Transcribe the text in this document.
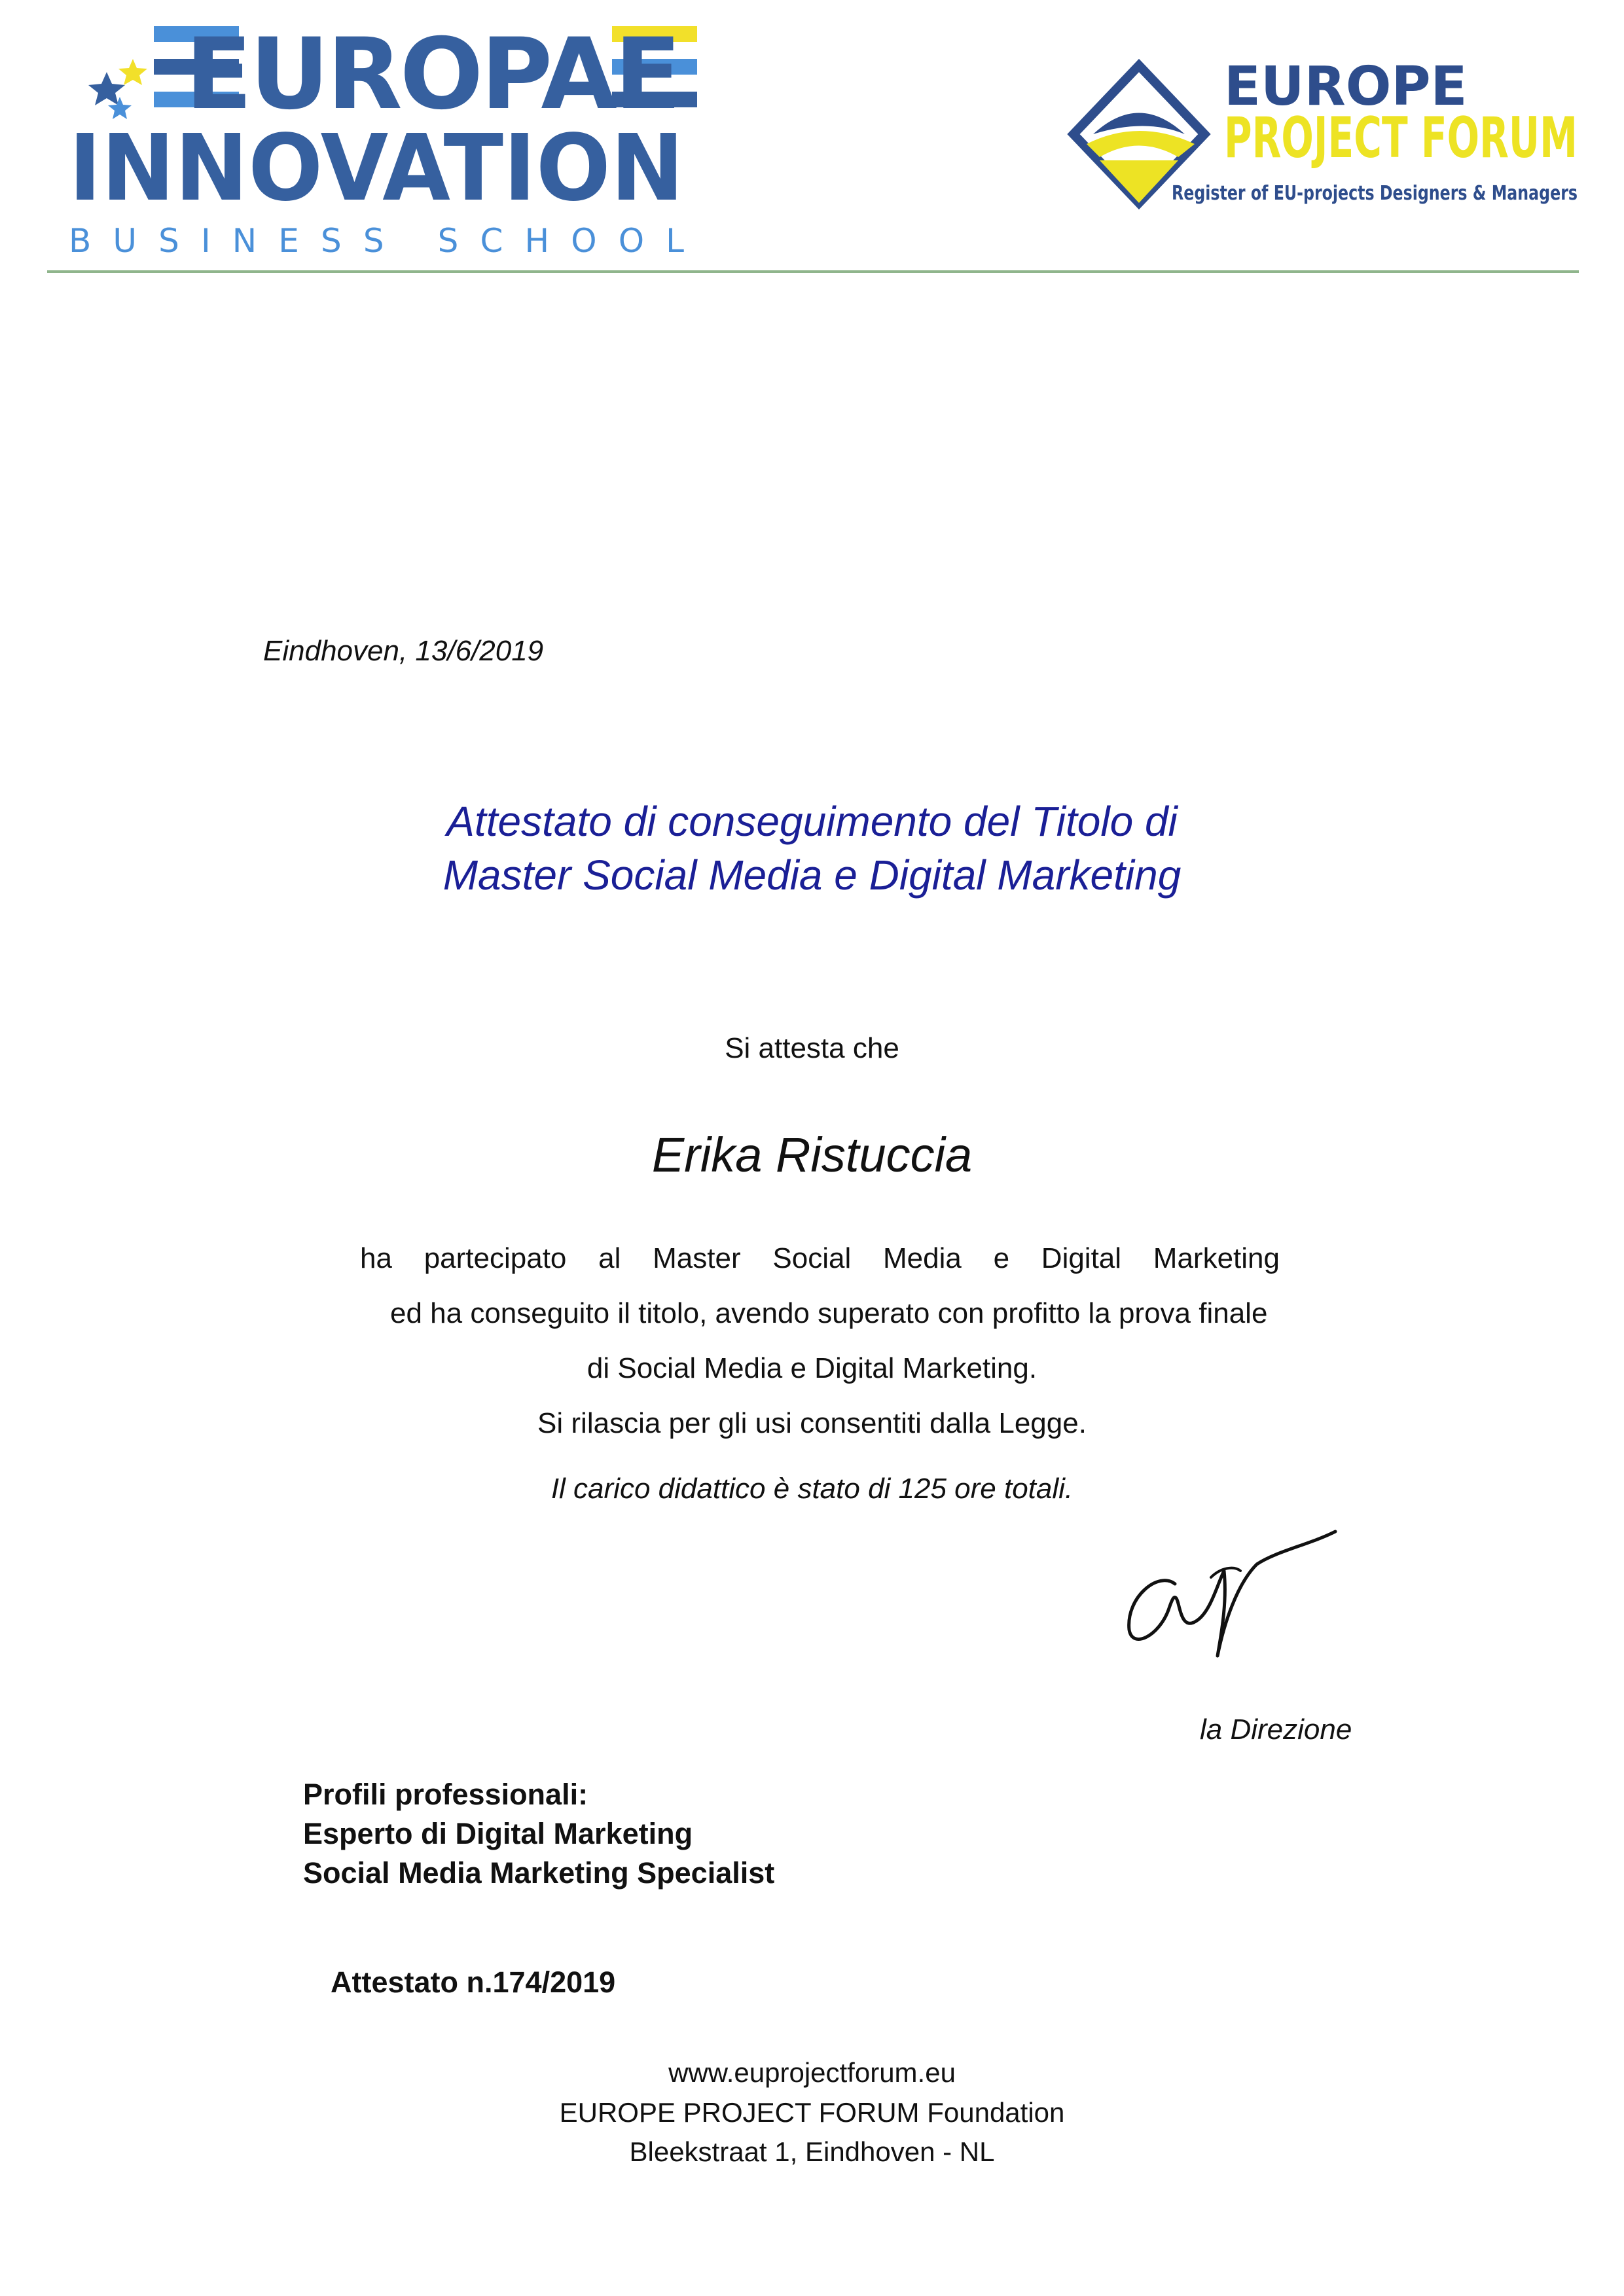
EUROPAE
INNOVATION
BUSINESS SCHOOL
EUROPE
PROJECT FORUM
Register of EU-projects Designers & Managers
Eindhoven, 13/6/2019
Attestato di conseguimento del Titolo di
Master Social Media e Digital Marketing
Si attesta che
Erika Ristuccia
ha partecipato al Master Social Media e Digital Marketing
ed ha conseguito il titolo, avendo superato con profitto la prova finale
di Social Media e Digital Marketing.
Si rilascia per gli usi consentiti dalla Legge.
Il carico didattico è stato di 125 ore totali.
la Direzione
Profili professionali:
Esperto di Digital Marketing
Social Media Marketing Specialist
Attestato n.174/2019
www.euprojectforum.eu
EUROPE PROJECT FORUM Foundation
Bleekstraat 1, Eindhoven - NL
